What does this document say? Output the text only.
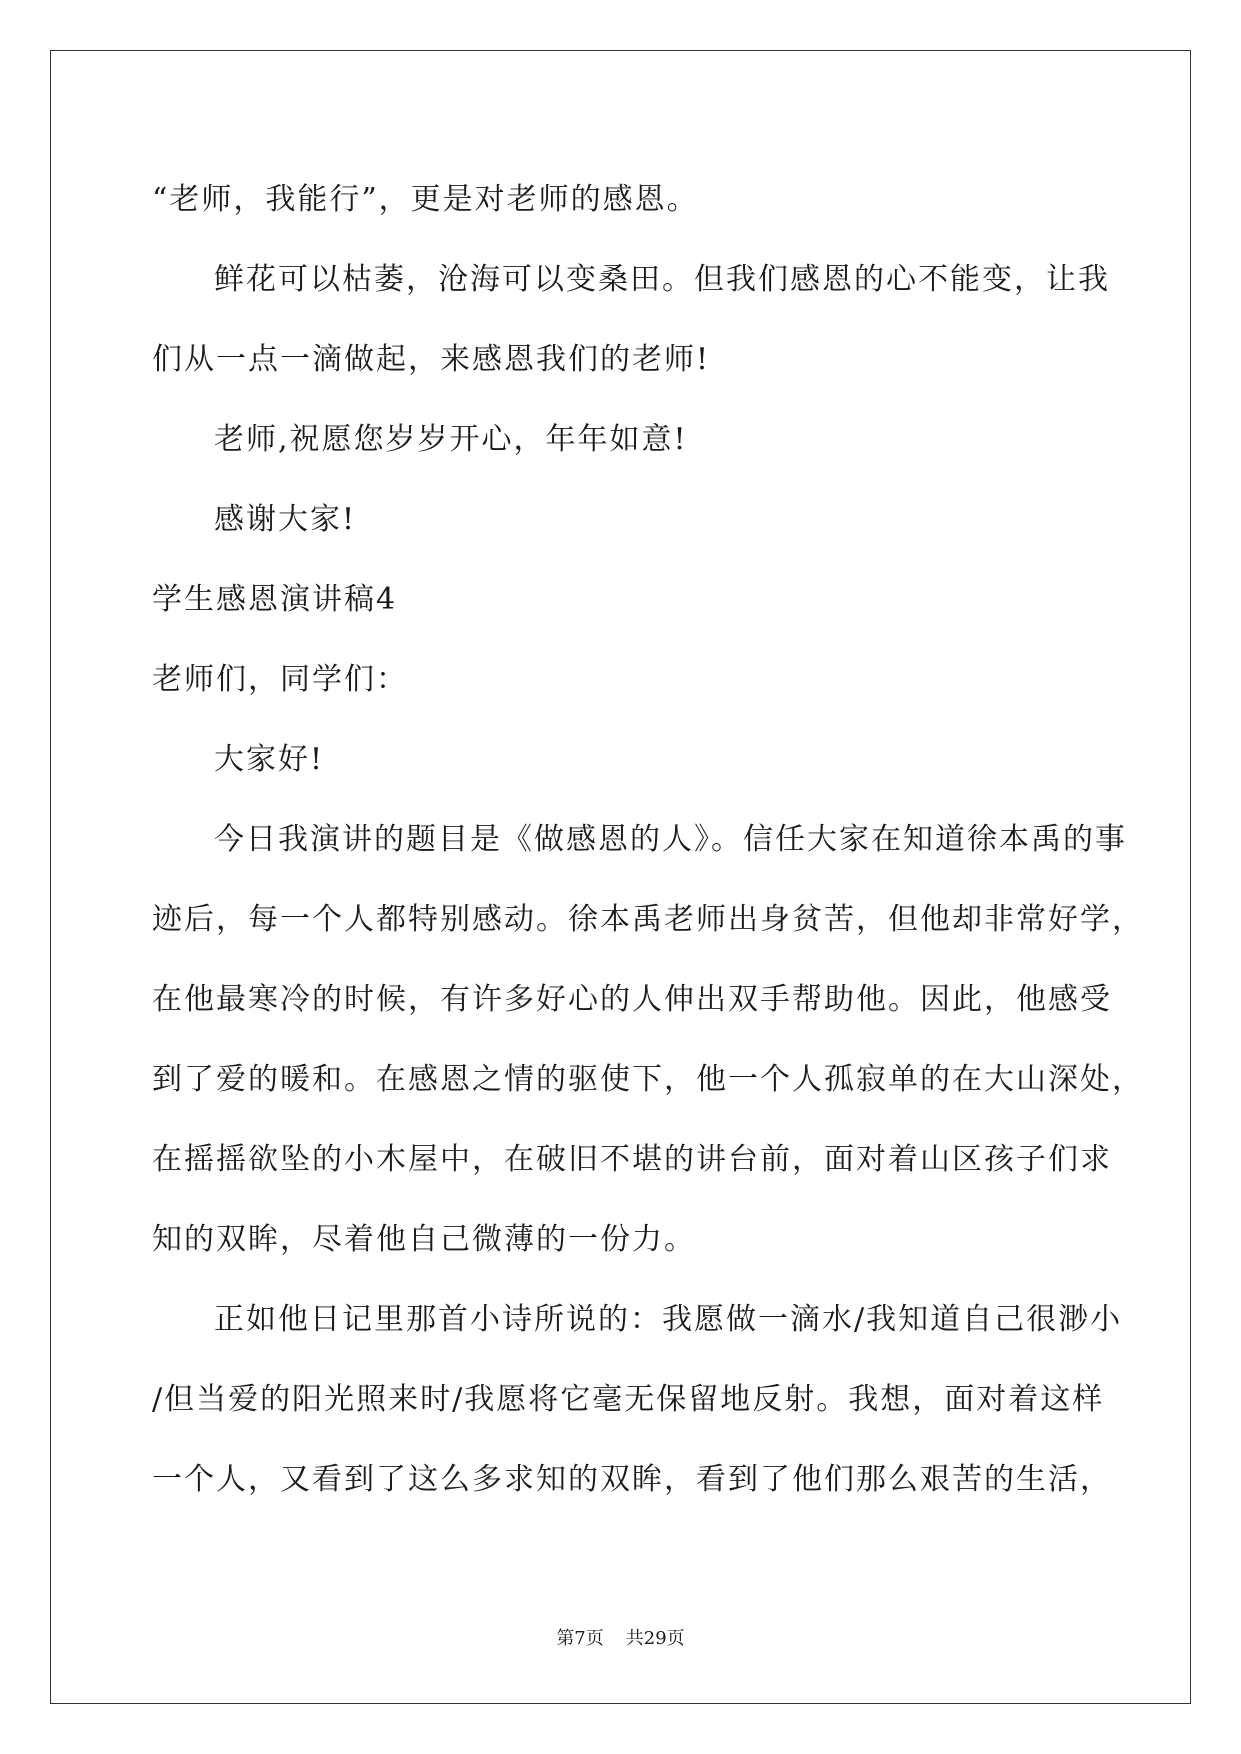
“老师，我能行”，更是对老师的感恩。
鲜花可以枯萎，沧海可以变桑田。但我们感恩的心不能变，让我
们从一点一滴做起，来感恩我们的老师!
老师,祝愿您岁岁开心，年年如意!
感谢大家!
学生感恩演讲稿4
老师们，同学们：
大家好!
今日我演讲的题目是《做感恩的人》。信任大家在知道徐本禹的事
迹后，每一个人都特别感动。徐本禹老师出身贫苦，但他却非常好学，
在他最寒冷的时候，有许多好心的人伸出双手帮助他。因此，他感受
到了爱的暖和。在感恩之情的驱使下，他一个人孤寂单的在大山深处，
在摇摇欲坠的小木屋中，在破旧不堪的讲台前，面对着山区孩子们求
知的双眸，尽着他自己微薄的一份力。
正如他日记里那首小诗所说的：我愿做一滴水/我知道自己很渺小
/但当爱的阳光照来时/我愿将它毫无保留地反射。我想，面对着这样
一个人，又看到了这么多求知的双眸，看到了他们那么艰苦的生活，
第7页 共29页
